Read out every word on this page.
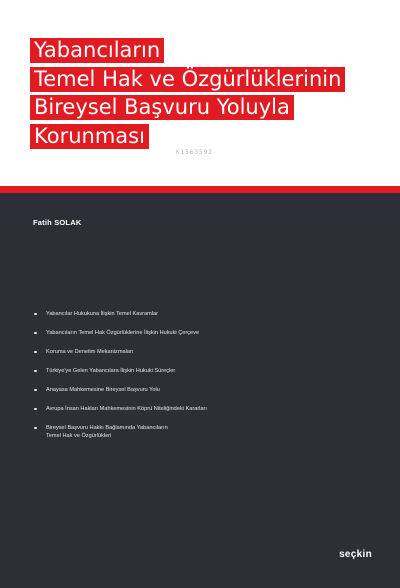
Yabancıların
Temel Hak ve Özgürlüklerinin
Bireysel Başvuru Yoluyla
Korunması
K1563592

Fatih SOLAK

Yabancılar Hukukuna İlişkin Temel Kavramlar
Yabancıların Temel Hak Özgürlüklerine İlişkin Hukuki Çerçeve
Koruma ve Denetim Mekanizmaları
Türkiye'ye Gelen Yabancılara İlişkin Hukuki Süreçler
Anayasa Mahkemesine Bireysel Başvuru Yolu
Avrupa İnsan Hakları Mahkemesinin Köprü Niteliğindeki Kararları
Bireysel Başvuru Hakkı Bağlamında Yabancıların
Temel Hak ve Özgürlükleri
seçkin
